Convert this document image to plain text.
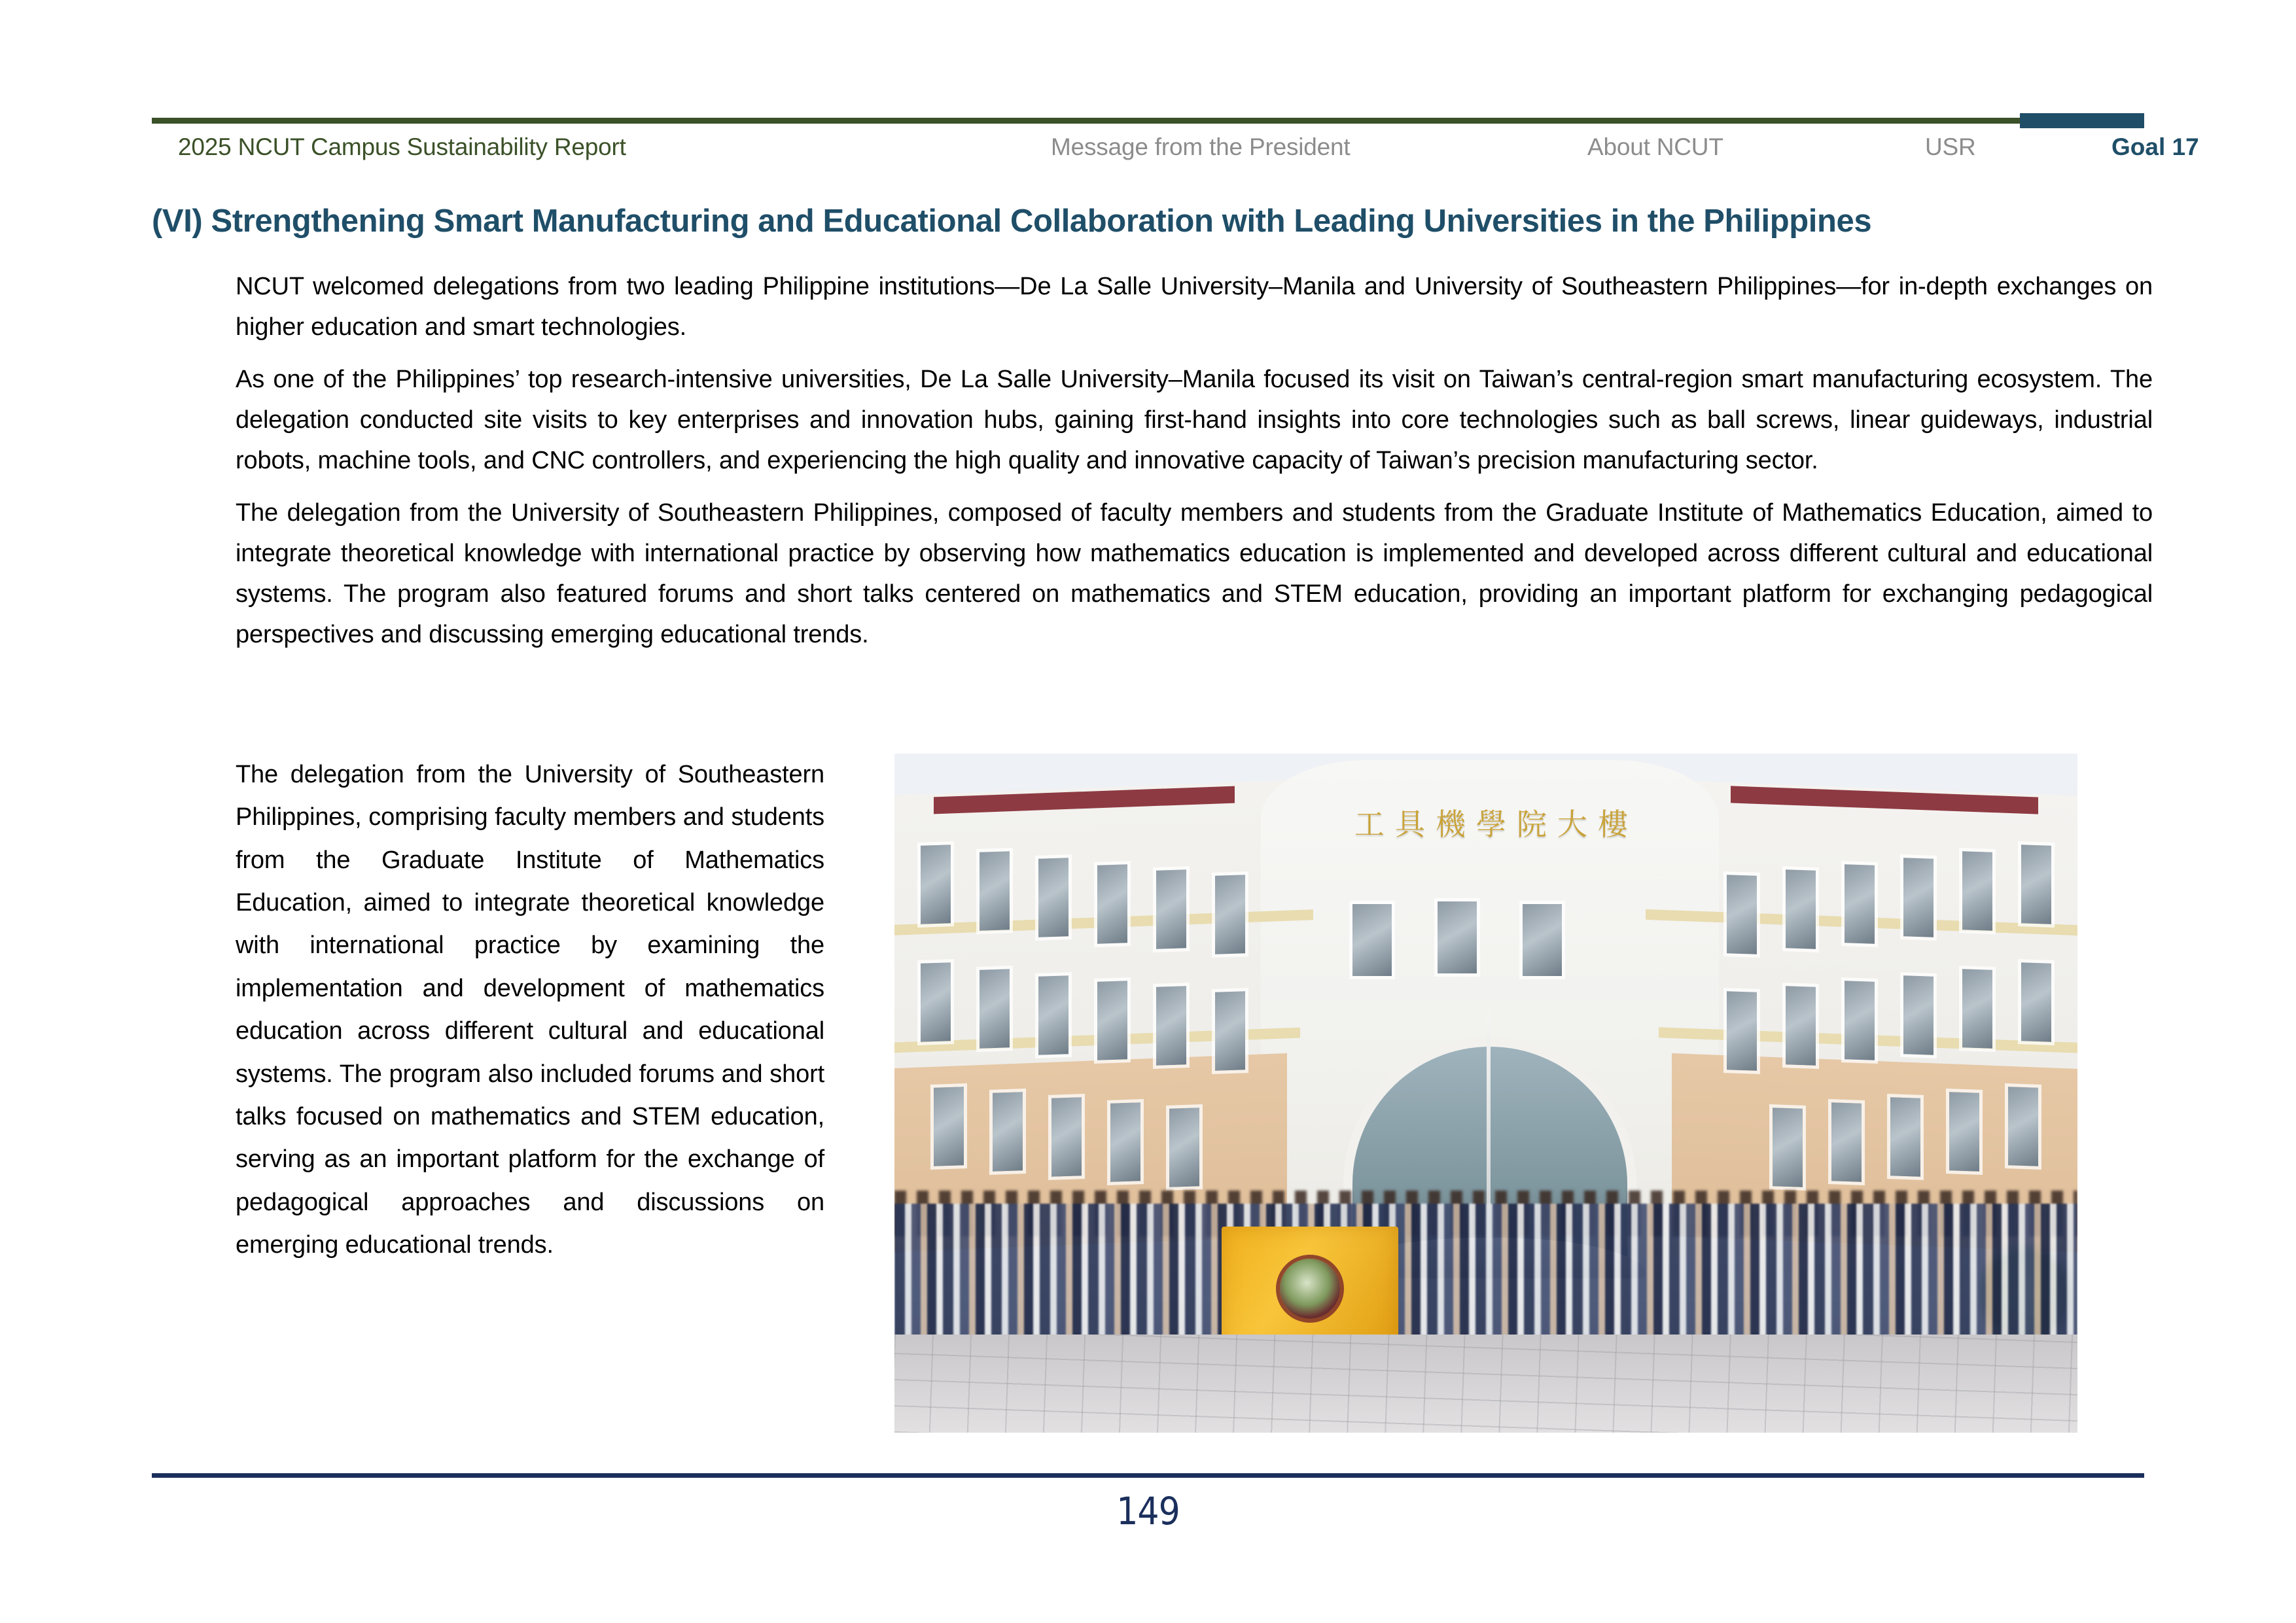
2025 NCUT Campus Sustainability Report	Message from the President	About NCUT	USR	Goal 17
(VI) Strengthening Smart Manufacturing and Educational Collaboration with Leading Universities in the Philippines

NCUT welcomed delegations from two leading Philippine institutions—De La Salle University–Manila and University of Southeastern Philippines—for in-depth exchanges on higher education and smart technologies.

As one of the Philippines’ top research-intensive universities, De La Salle University–Manila focused its visit on Taiwan’s central-region smart manufacturing ecosystem. The delegation conducted site visits to key enterprises and innovation hubs, gaining first-hand insights into core technologies such as ball screws, linear guideways, industrial robots, machine tools, and CNC controllers, and experiencing the high quality and innovative capacity of Taiwan’s precision manufacturing sector.

The delegation from the University of Southeastern Philippines, composed of faculty members and students from the Graduate Institute of Mathematics Education, aimed to integrate theoretical knowledge with international practice by observing how mathematics education is implemented and developed across different cultural and educational systems. The program also featured forums and short talks centered on mathematics and STEM education, providing an important platform for exchanging pedagogical perspectives and discussing emerging educational trends.

The delegation from the University of Southeastern Philippines, comprising faculty members and students from the Graduate Institute of Mathematics Education, aimed to integrate theoretical knowledge with international practice by examining the implementation and development of mathematics education across different cultural and educational systems. The program also included forums and short talks focused on mathematics and STEM education, serving as an important platform for the exchange of pedagogical approaches and discussions on emerging educational trends.
工具機學院大樓
149
